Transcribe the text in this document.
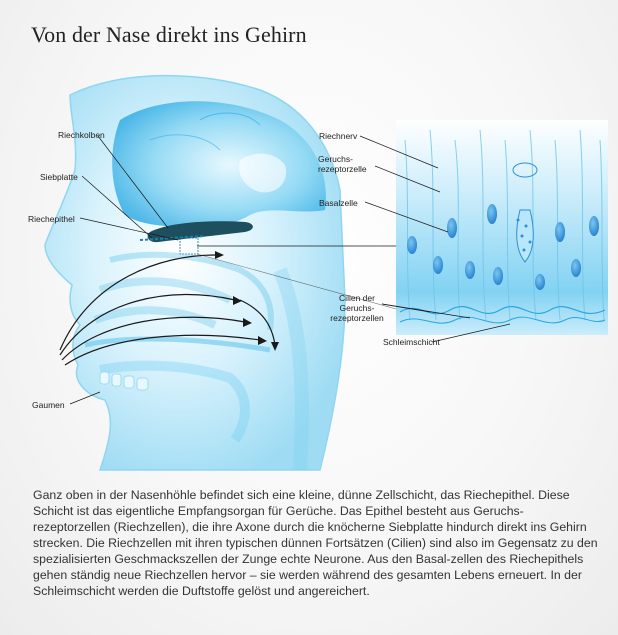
Von der Nase direkt ins Gehirn
Riechkolben
Siebplatte
Riechepithel
Gaumen
Riechnerv
Geruchs-
rezeptorzelle
Basalzelle
Cilien der
Geruchs-
rezeptorzellen
Schleimschicht
Ganz oben in der Nasenhöhle befindet sich eine kleine, dünne Zellschicht, das Riechepithel. Diese Schicht ist das eigentliche Empfangsorgan für Gerüche. Das Epithel besteht aus Geruchs-rezeptorzellen (Riechzellen), die ihre Axone durch die knöcherne Siebplatte hindurch direkt ins Gehirn strecken. Die Riechzellen mit ihren typischen dünnen Fortsätzen (Cilien) sind also im Gegensatz zu den spezialisierten Geschmackszellen der Zunge echte Neurone. Aus den Basal-zellen des Riechepithels gehen ständig neue Riechzellen hervor – sie werden während des gesamten Lebens erneuert. In der Schleimschicht werden die Duftstoffe gelöst und angereichert.
